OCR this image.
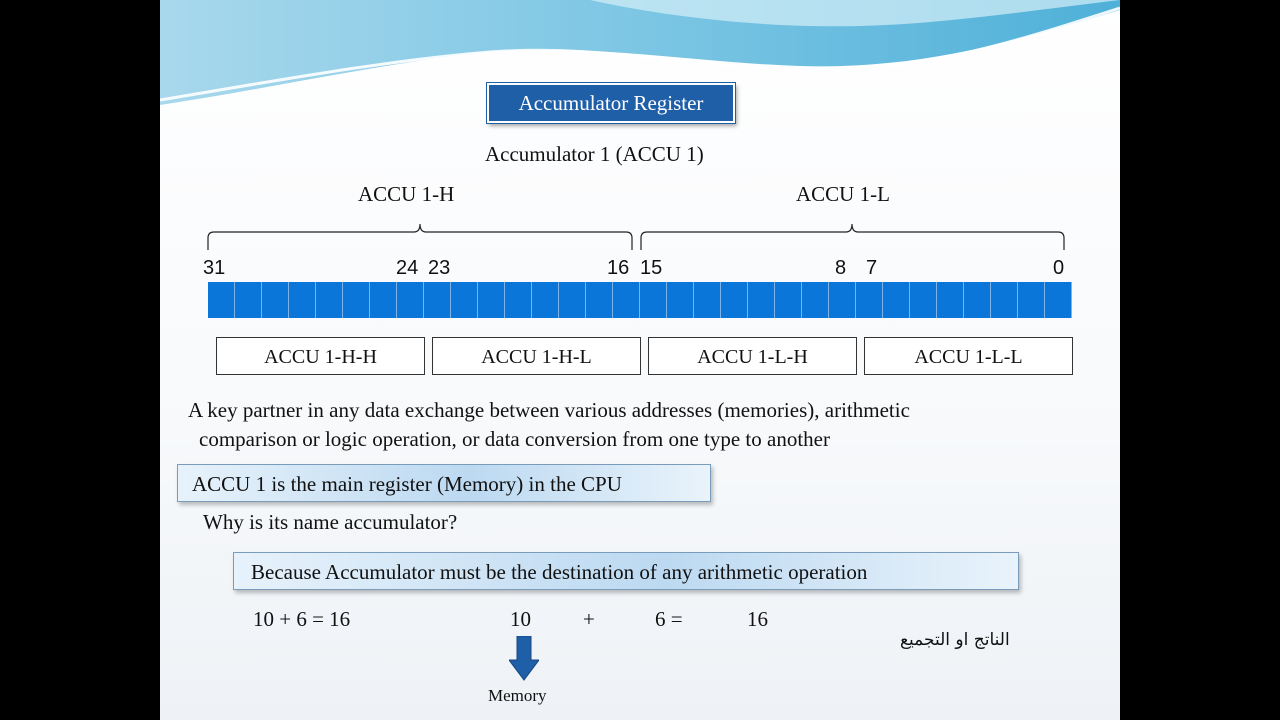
Accumulator Register
Accumulator 1 (ACCU 1)
ACCU 1-H	ACCU 1-L
31	24 23	16 15	8 7	0
ACCU 1-H-H	ACCU 1-H-L	ACCU 1-L-H	ACCU 1-L-L
A key partner in any data exchange between various addresses (memories), arithmetic
comparison or logic operation, or data conversion from one type to another
ACCU 1 is the main register (Memory) in the CPU
Why is its name accumulator?
Because Accumulator must be the destination of any arithmetic operation
10 + 6 = 16	10 +	6 =	16
الناتج او التجميع
Memory
